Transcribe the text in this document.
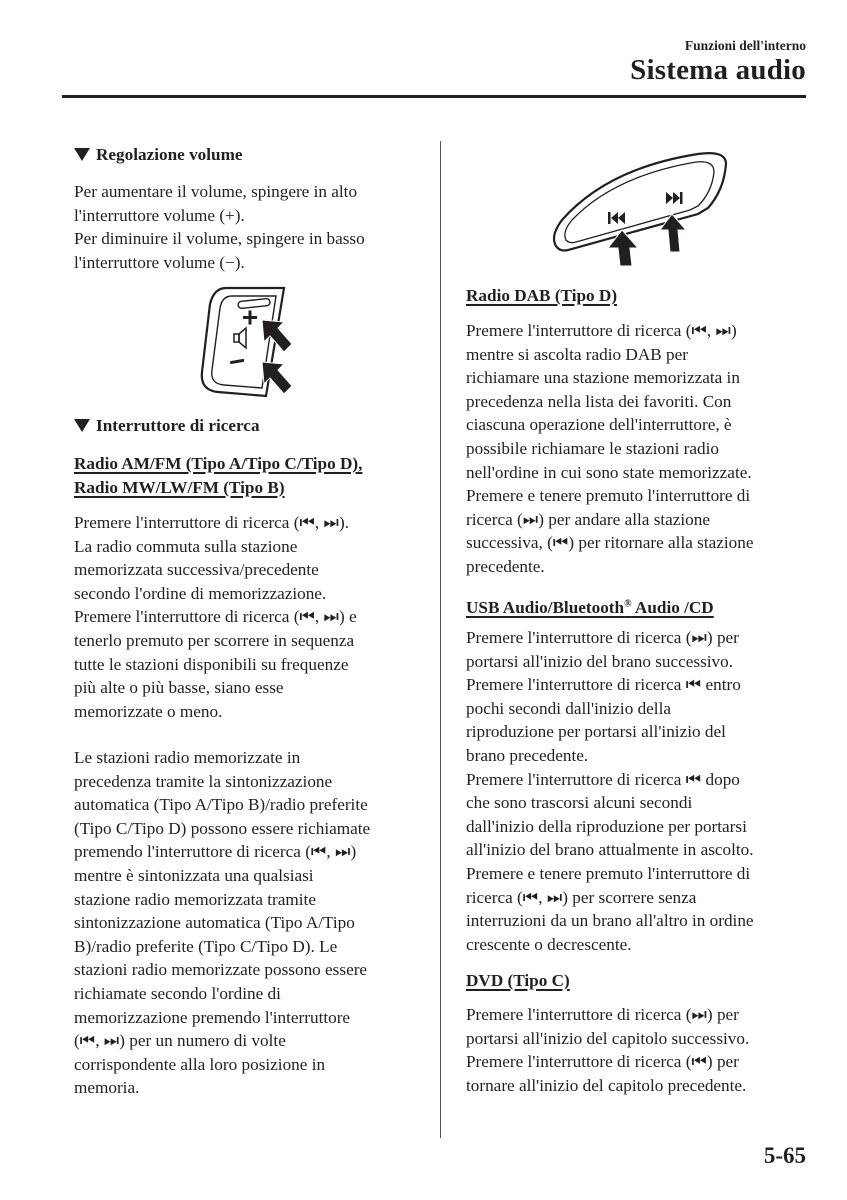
Funzioni dell'interno
Sistema audio
Regolazione volume
Per aumentare il volume, spingere in alto
l'interruttore volume (+).
Per diminuire il volume, spingere in basso
l'interruttore volume (−).
Interruttore di ricerca
Radio AM/FM (Tipo A/Tipo C/Tipo D),
Radio MW/LW/FM (Tipo B)
Premere l'interruttore di ricerca (⏮, ⏭).
La radio commuta sulla stazione
memorizzata successiva/precedente
secondo l'ordine di memorizzazione.
Premere l'interruttore di ricerca (⏮, ⏭) e
tenerlo premuto per scorrere in sequenza
tutte le stazioni disponibili su frequenze
più alte o più basse, siano esse
memorizzate o meno.
Le stazioni radio memorizzate in
precedenza tramite la sintonizzazione
automatica (Tipo A/Tipo B)/radio preferite
(Tipo C/Tipo D) possono essere richiamate
premendo l'interruttore di ricerca (⏮, ⏭)
mentre è sintonizzata una qualsiasi
stazione radio memorizzata tramite
sintonizzazione automatica (Tipo A/Tipo
B)/radio preferite (Tipo C/Tipo D). Le
stazioni radio memorizzate possono essere
richiamate secondo l'ordine di
memorizzazione premendo l'interruttore
(⏮, ⏭) per un numero di volte
corrispondente alla loro posizione in
memoria.
Radio DAB (Tipo D)
Premere l'interruttore di ricerca (⏮, ⏭)
mentre si ascolta radio DAB per
richiamare una stazione memorizzata in
precedenza nella lista dei favoriti. Con
ciascuna operazione dell'interruttore, è
possibile richiamare le stazioni radio
nell'ordine in cui sono state memorizzate.
Premere e tenere premuto l'interruttore di
ricerca (⏭) per andare alla stazione
successiva, (⏮) per ritornare alla stazione
precedente.
USB Audio/Bluetooth® Audio /CD
Premere l'interruttore di ricerca (⏭) per
portarsi all'inizio del brano successivo.
Premere l'interruttore di ricerca ⏮ entro
pochi secondi dall'inizio della
riproduzione per portarsi all'inizio del
brano precedente.
Premere l'interruttore di ricerca ⏮ dopo
che sono trascorsi alcuni secondi
dall'inizio della riproduzione per portarsi
all'inizio del brano attualmente in ascolto.
Premere e tenere premuto l'interruttore di
ricerca (⏮, ⏭) per scorrere senza
interruzioni da un brano all'altro in ordine
crescente o decrescente.
DVD (Tipo C)
Premere l'interruttore di ricerca (⏭) per
portarsi all'inizio del capitolo successivo.
Premere l'interruttore di ricerca (⏮) per
tornare all'inizio del capitolo precedente.
5-65
